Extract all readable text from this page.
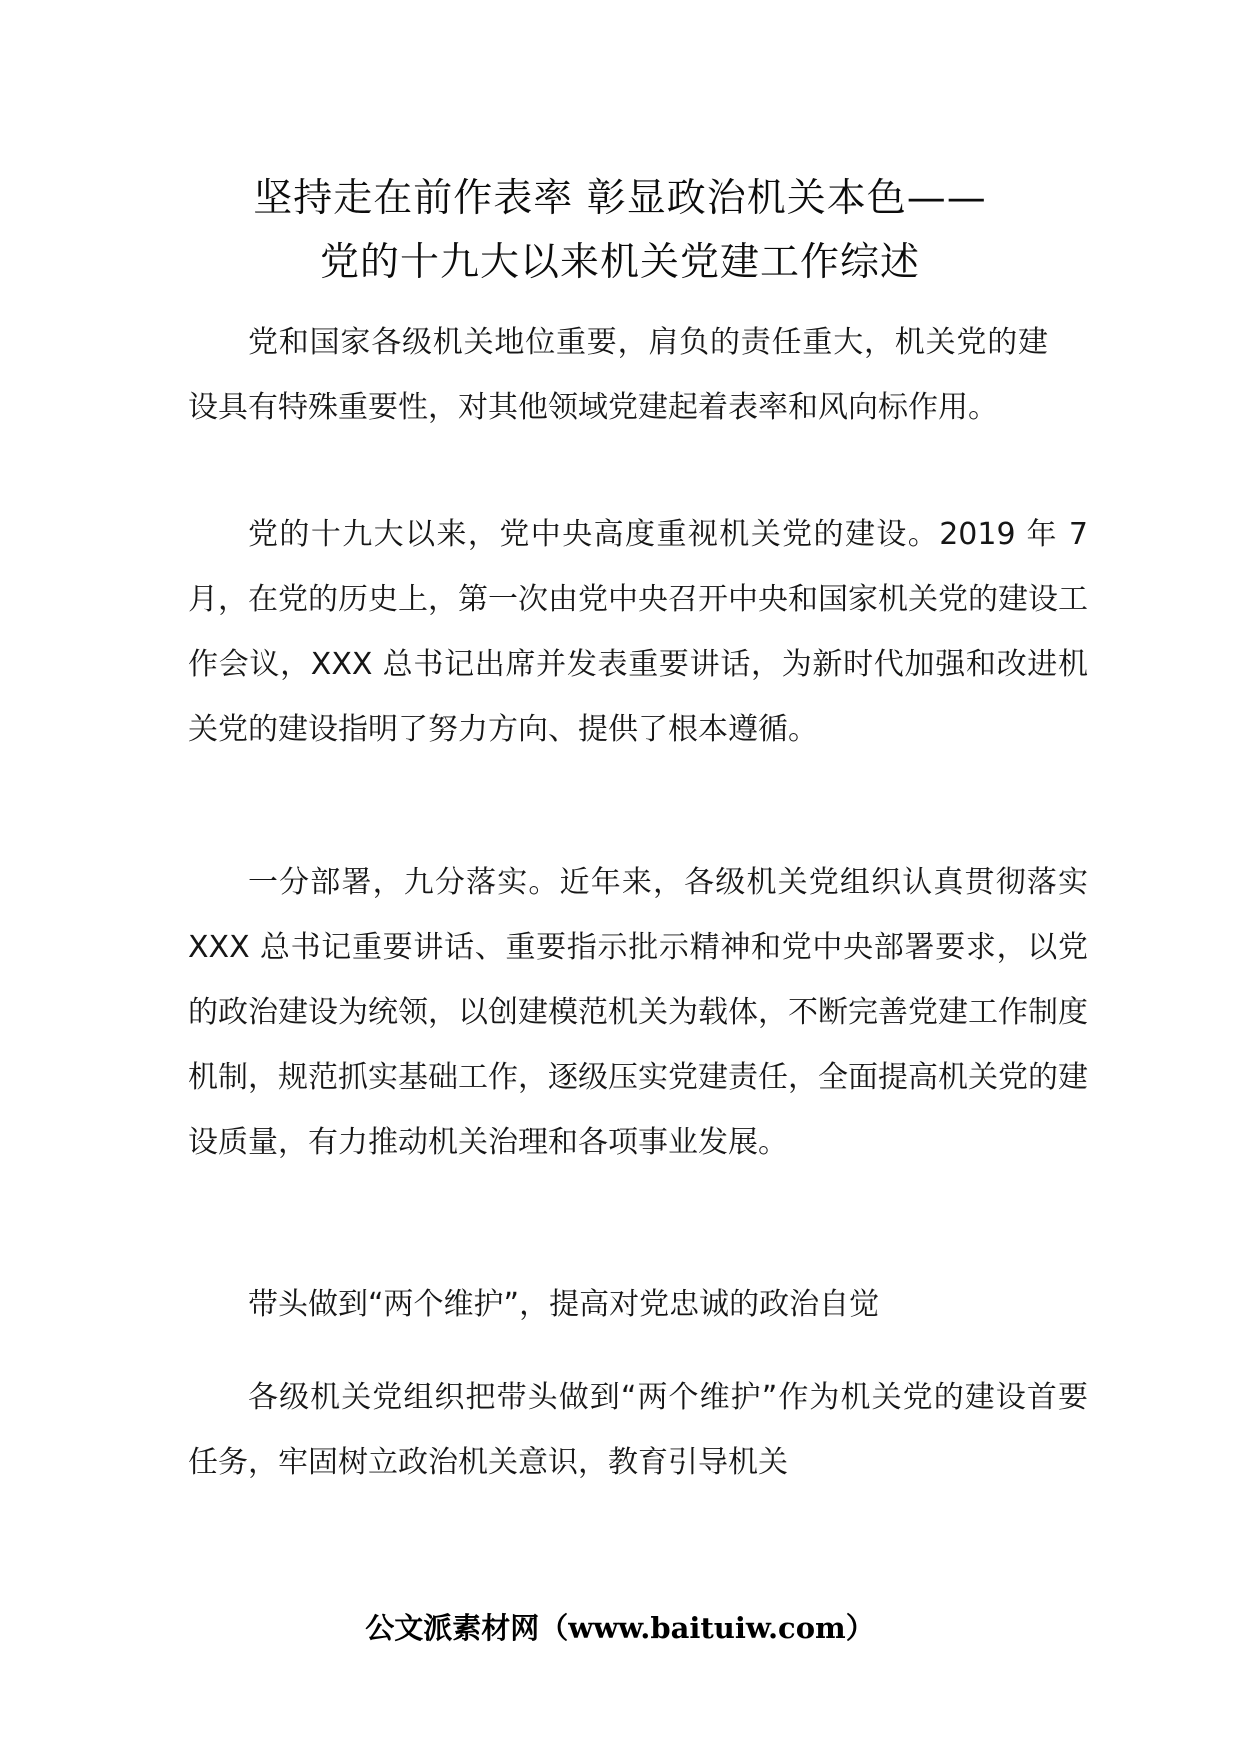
坚持走在前作表率 彰显政治机关本色——
党的十九大以来机关党建工作综述

党和国家各级机关地位重要，肩负的责任重大，机关党的建设具有特殊重要性，对其他领域党建起着表率和风向标作用。

党的十九大以来，党中央高度重视机关党的建设。2019 年 7 月，在党的历史上，第一次由党中央召开中央和国家机关党的建设工作会议，XXX 总书记出席并发表重要讲话，为新时代加强和改进机关党的建设指明了努力方向、提供了根本遵循。

一分部署，九分落实。近年来，各级机关党组织认真贯彻落实 XXX 总书记重要讲话、重要指示批示精神和党中央部署要求，以党的政治建设为统领，以创建模范机关为载体，不断完善党建工作制度机制，规范抓实基础工作，逐级压实党建责任，全面提高机关党的建设质量，有力推动机关治理和各项事业发展。

带头做到“两个维护”，提高对党忠诚的政治自觉

各级机关党组织把带头做到“两个维护”作为机关党的建设首要任务，牢固树立政治机关意识，教育引导机关

公文派素材网（www.baituiw.com）
